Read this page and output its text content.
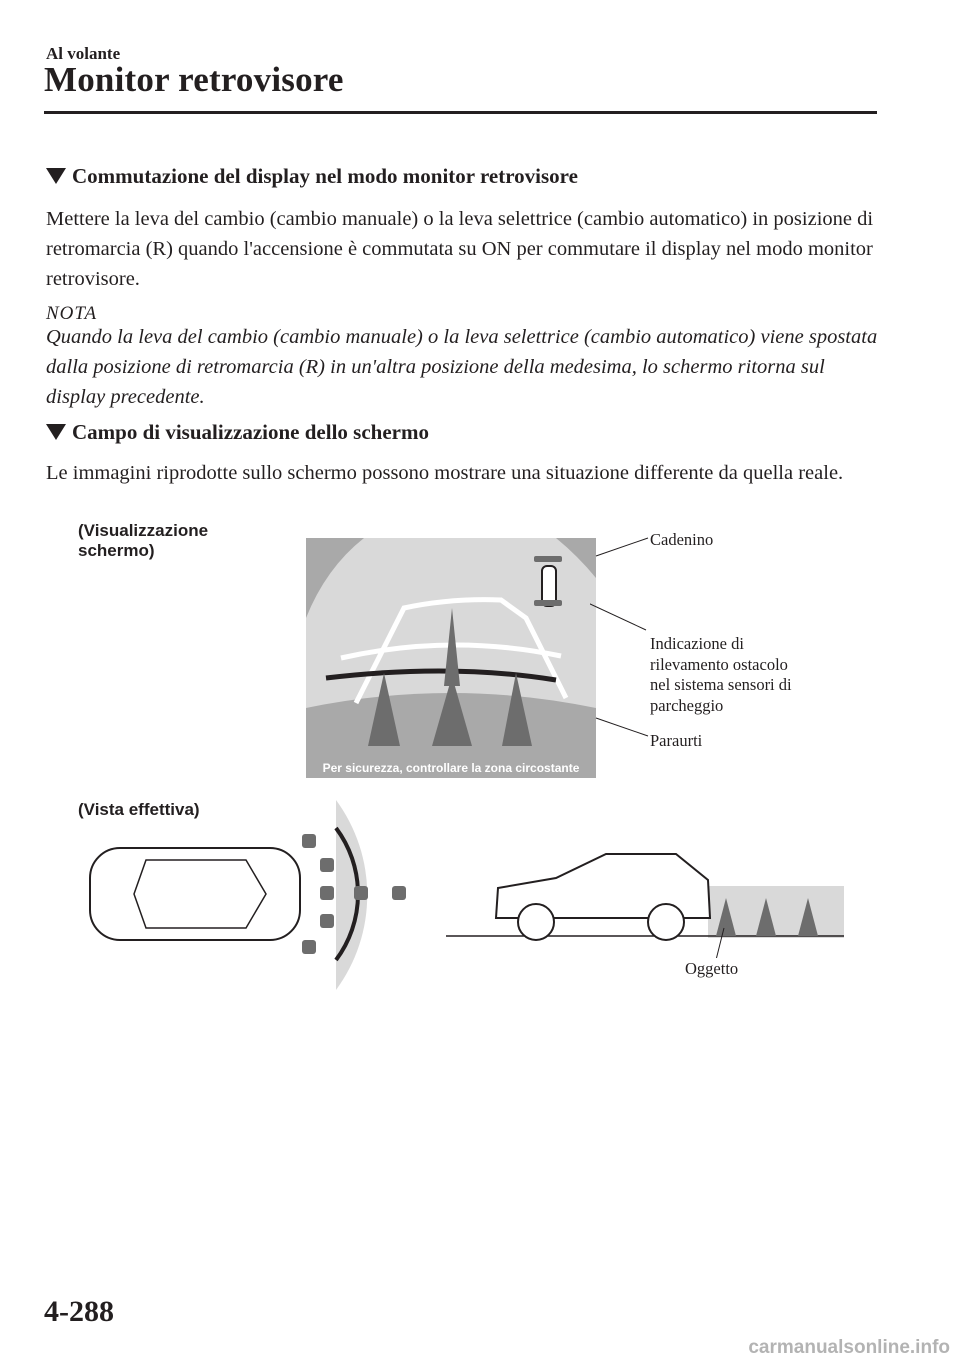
Al volante
Monitor retrovisore
Commutazione del display nel modo monitor retrovisore
Mettere la leva del cambio (cambio manuale) o la leva selettrice (cambio automatico) in posizione di retromarcia (R) quando l'accensione è commutata su ON per commutare il display nel modo monitor retrovisore.
NOTA
Quando la leva del cambio (cambio manuale) o la leva selettrice (cambio automatico) viene spostata dalla posizione di retromarcia (R) in un'altra posizione della medesima, lo schermo ritorna sul display precedente.
Campo di visualizzazione dello schermo
Le immagini riprodotte sullo schermo possono mostrare una situazione differente da quella reale.
(Visualizzazione
schermo)
Cadenino
Indicazione di
rilevamento ostacolo
nel sistema sensori di
parcheggio
Paraurti
(Vista effettiva)
Oggetto
Per sicurezza, controllare la zona circostante
4-288
carmanualsonline.info
